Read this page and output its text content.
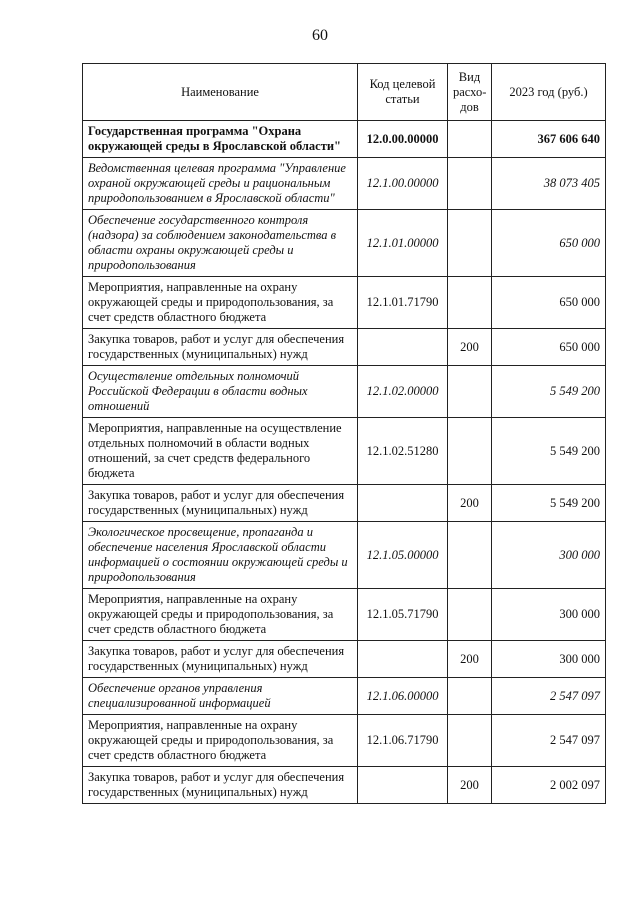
60
Наименование	Код целевой статьи	Вид расхо-дов	2023 год (руб.)
Государственная программа "Охрана окружающей среды в Ярославской области"	12.0.00.00000		367 606 640
Ведомственная целевая программа "Управление охраной окружающей среды и рациональным природопользованием в Ярославской области"	12.1.00.00000		38 073 405
Обеспечение государственного контроля (надзора) за соблюдением законодательства в области охраны окружающей среды и природопользования	12.1.01.00000		650 000
Мероприятия, направленные на охрану окружающей среды и природопользования, за счет средств областного бюджета	12.1.01.71790		650 000
Закупка товаров, работ и услуг для обеспечения государственных (муниципальных) нужд		200	650 000
Осуществление отдельных полномочий Российской Федерации в области водных отношений	12.1.02.00000		5 549 200
Мероприятия, направленные на осуществление отдельных полномочий в области водных отношений, за счет средств федерального бюджета	12.1.02.51280		5 549 200
Закупка товаров, работ и услуг для обеспечения государственных (муниципальных) нужд		200	5 549 200
Экологическое просвещение, пропаганда и обеспечение населения Ярославской области информацией о состоянии окружающей среды и природопользования	12.1.05.00000		300 000
Мероприятия, направленные на охрану окружающей среды и природопользования, за счет средств областного бюджета	12.1.05.71790		300 000
Закупка товаров, работ и услуг для обеспечения государственных (муниципальных) нужд		200	300 000
Обеспечение органов управления специализированной информацией	12.1.06.00000		2 547 097
Мероприятия, направленные на охрану окружающей среды и природопользования, за счет средств областного бюджета	12.1.06.71790		2 547 097
Закупка товаров, работ и услуг для обеспечения государственных (муниципальных) нужд		200	2 002 097
